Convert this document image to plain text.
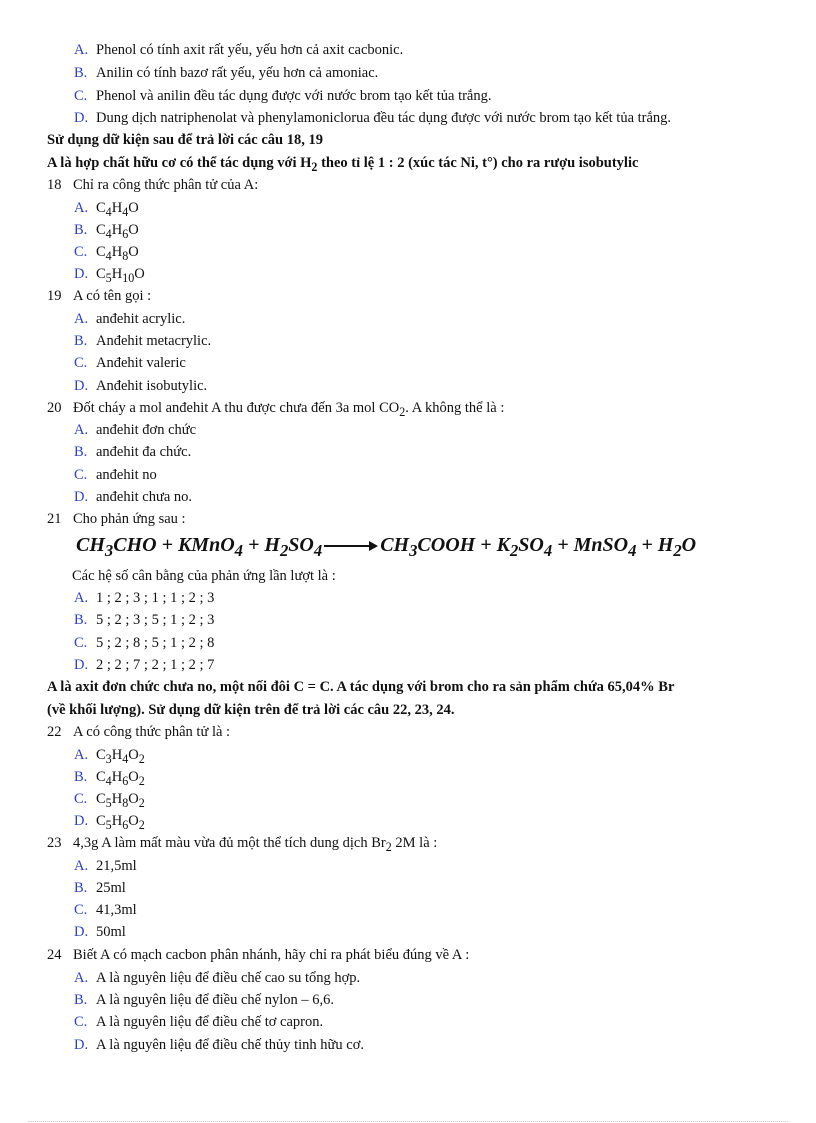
A. Phenol có tính axit rất yếu, yếu hơn cả axit cacbonic.
B. Anilin có tính bazơ rất yếu, yếu hơn cả amoniac.
C. Phenol và anilin đều tác dụng được với nước brom tạo kết tủa trắng.
D. Dung dịch natriphenolat và phenylamoniclorua đều tác dụng được với nước brom tạo kết tủa trắng.
Sử dụng dữ kiện sau để trả lời các câu 18, 19
A là hợp chất hữu cơ có thể tác dụng với $H_2$ theo tỉ lệ 1 : 2 (xúc tác Ni, t°) cho ra rượu isobutylic
18 Chỉ ra công thức phân tử của A:
A. $C_4H_4O$
B. $C_4H_6O$
C. $C_4H_8O$
D. $C_5H_{10}O$
19 A có tên gọi :
A. anđehit acrylic.
B. Anđehit metacrylic.
C. Anđehit valeric
D. Anđehit isobutylic.
20 Đốt cháy a mol anđehit A thu được chưa đến 3a mol $CO_2$. A không thể là :
A. anđehit đơn chức
B. anđehit đa chức.
C. anđehit no
D. anđehit chưa no.
21 Cho phản ứng sau :
$CH_3CHO$ + KMnO$_4$ + $H_2SO_4$	$CH_3COOH + K_2SO_4$ + MnSO$_4$ + $H_2O$
Các hệ số cân bằng của phản ứng lần lượt là :
A. 1 ; 2 ; 3 ; 1 ; 1 ; 2 ; 3
B. 5 ; 2 ; 3 ; 5 ; 1 ; 2 ; 3
C. 5 ; 2 ; 8 ; 5 ; 1 ; 2 ; 8
D. 2 ; 2 ; 7 ; 2 ; 1 ; 2 ; 7
A là axit đơn chức chưa no, một nối đôi C = C. A tác dụng với brom cho ra sản phẩm chứa 65,04% Br
(về khối lượng). Sử dụng dữ kiện trên để trả lời các câu 22, 23, 24.
22 A có công thức phân tử là :
A. $C_3H_4O_2$
B. $C_4H_6O_2$
C. $C_5H_8O_2$
D. $C_5H_6O_2$
23 4,3g A làm mất màu vừa đủ một thể tích dung dịch $Br_2$ 2M là :
A. 21,5ml
B. 25ml
C. 41,3ml
D. 50ml
24 Biết A có mạch cacbon phân nhánh, hãy chỉ ra phát biểu đúng về A :
A. A là nguyên liệu để điều chế cao su tổng hợp.
B. A là nguyên liệu để điều chế nylon – 6,6.
C. A là nguyên liệu để điều chế tơ capron.
D. A là nguyên liệu để điều chế thủy tinh hữu cơ.
